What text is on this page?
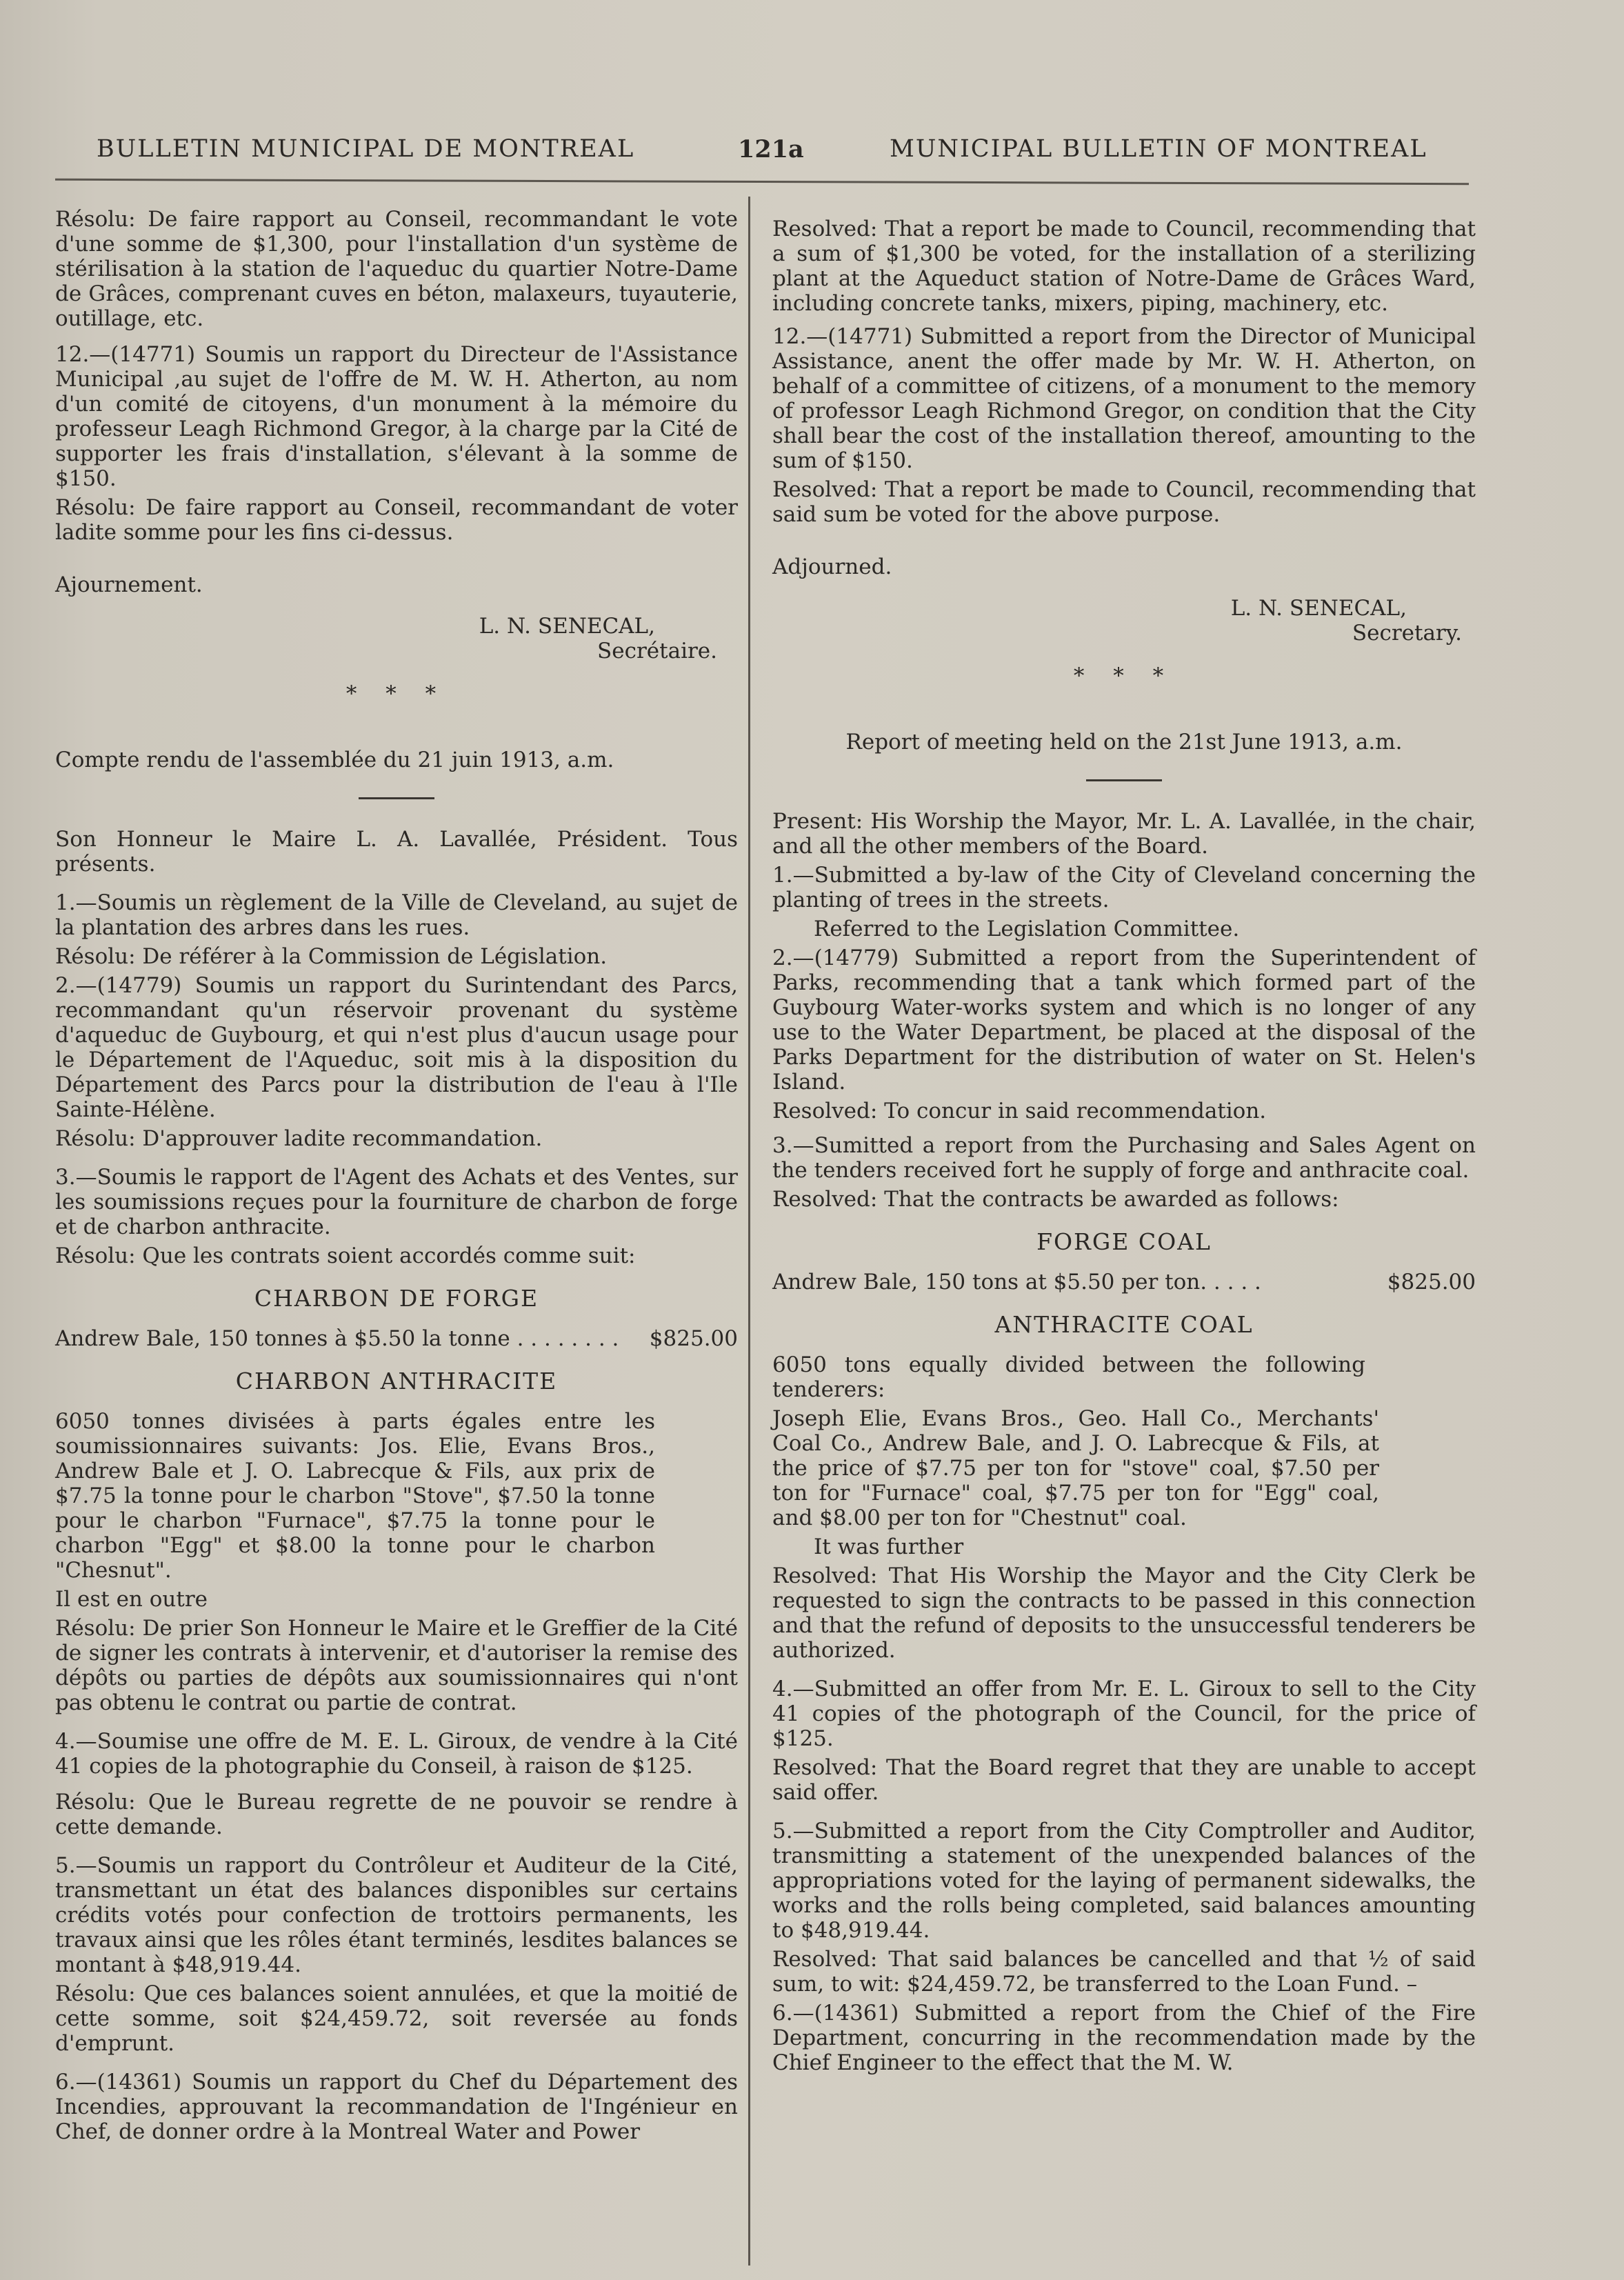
BULLETIN MUNICIPAL DE MONTREAL	121a	MUNICIPAL BULLETIN OF MONTREAL

Résolu: De faire rapport au Conseil, recommandant le vote d'une somme de $1,300, pour l'installation d'un système de stérilisation à la station de l'aqueduc du quartier Notre-Dame de Grâces, comprenant cuves en béton, malaxeurs, tuyauterie, outillage, etc.

12.—(14771) Soumis un rapport du Directeur de l'Assistance Municipal ,au sujet de l'offre de M. W. H. Atherton, au nom d'un comité de citoyens, d'un monument à la mémoire du professeur Leagh Richmond Gregor, à la charge par la Cité de supporter les frais d'installation, s'élevant à la somme de $150.

Résolu: De faire rapport au Conseil, recommandant de voter ladite somme pour les fins ci-dessus.

Ajournement.

L. N. SENECAL,

Secrétaire.

* * *

Compte rendu de l'assemblée du 21 juin 1913, a.m.

Son Honneur le Maire L. A. Lavallée, Président. Tous présents.

1.—Soumis un règlement de la Ville de Cleveland, au sujet de la plantation des arbres dans les rues.

Résolu: De référer à la Commission de Législation.

2.—(14779) Soumis un rapport du Surintendant des Parcs, recommandant qu'un réservoir provenant du système d'aqueduc de Guybourg, et qui n'est plus d'aucun usage pour le Département de l'Aqueduc, soit mis à la disposition du Département des Parcs pour la distribution de l'eau à l'Ile Sainte-Hélène.

Résolu: D'approuver ladite recommandation.

3.—Soumis le rapport de l'Agent des Achats et des Ventes, sur les soumissions reçues pour la fourniture de charbon de forge et de charbon anthracite.

Résolu: Que les contrats soient accordés comme suit:

CHARBON DE FORGE

Andrew Bale, 150 tonnes à $5.50 la tonne . . . . . . . . $825.00

CHARBON ANTHRACITE

6050 tonnes divisées à parts égales entre les soumissionnaires suivants: Jos. Elie, Evans Bros., Andrew Bale et J. O. Labrecque & Fils, aux prix de $7.75 la tonne pour le charbon "Stove", $7.50 la tonne pour le charbon "Furnace", $7.75 la tonne pour le charbon "Egg" et $8.00 la tonne pour le charbon "Chesnut".

Il est en outre

Résolu: De prier Son Honneur le Maire et le Greffier de la Cité de signer les contrats à intervenir, et d'autoriser la remise des dépôts ou parties de dépôts aux soumissionnaires qui n'ont pas obtenu le contrat ou partie de contrat.

4.—Soumise une offre de M. E. L. Giroux, de vendre à la Cité 41 copies de la photographie du Conseil, à raison de $125.

Résolu: Que le Bureau regrette de ne pouvoir se rendre à cette demande.

5.—Soumis un rapport du Contrôleur et Auditeur de la Cité, transmettant un état des balances disponibles sur certains crédits votés pour confection de trottoirs permanents, les travaux ainsi que les rôles étant terminés, lesdites balances se montant à $48,919.44.

Résolu: Que ces balances soient annulées, et que la moitié de cette somme, soit $24,459.72, soit reversée au fonds d'emprunt.

6.—(14361) Soumis un rapport du Chef du Département des Incendies, approuvant la recommandation de l'Ingénieur en Chef, de donner ordre à la Montreal Water and Power

Resolved: That a report be made to Council, recommending that a sum of $1,300 be voted, for the installation of a sterilizing plant at the Aqueduct station of Notre-Dame de Grâces Ward, including concrete tanks, mixers, piping, machinery, etc.

12.—(14771) Submitted a report from the Director of Municipal Assistance, anent the offer made by Mr. W. H. Atherton, on behalf of a committee of citizens, of a monument to the memory of professor Leagh Richmond Gregor, on condition that the City shall bear the cost of the installation thereof, amounting to the sum of $150.

Resolved: That a report be made to Council, recommending that said sum be voted for the above purpose.

Adjourned.

L. N. SENECAL,

Secretary.

* * *

Report of meeting held on the 21st June 1913, a.m.

Present: His Worship the Mayor, Mr. L. A. Lavallée, in the chair, and all the other members of the Board.

1.—Submitted a by-law of the City of Cleveland concerning the planting of trees in the streets.

Referred to the Legislation Committee.

2.—(14779) Submitted a report from the Superintendent of Parks, recommending that a tank which formed part of the Guybourg Water-works system and which is no longer of any use to the Water Department, be placed at the disposal of the Parks Department for the distribution of water on St. Helen's Island.

Resolved: To concur in said recommendation.

3.—Sumitted a report from the Purchasing and Sales Agent on the tenders received fort he supply of forge and anthracite coal.

Resolved: That the contracts be awarded as follows:

FORGE COAL

Andrew Bale, 150 tons at $5.50 per ton. . . . .	$825.00

ANTHRACITE COAL

6050 tons equally divided between the following tenderers:

Joseph Elie, Evans Bros., Geo. Hall Co., Merchants' Coal Co., Andrew Bale, and J. O. Labrecque & Fils, at the price of $7.75 per ton for "stove" coal, $7.50 per ton for "Furnace" coal, $7.75 per ton for "Egg" coal, and $8.00 per ton for "Chestnut" coal.

It was further

Resolved: That His Worship the Mayor and the City Clerk be requested to sign the contracts to be passed in this connection and that the refund of deposits to the unsuccessful tenderers be authorized.

4.—Submitted an offer from Mr. E. L. Giroux to sell to the City 41 copies of the photograph of the Council, for the price of $125.

Resolved: That the Board regret that they are unable to accept said offer.

5.—Submitted a report from the City Comptroller and Auditor, transmitting a statement of the unexpended balances of the appropriations voted for the laying of permanent sidewalks, the works and the rolls being completed, said balances amounting to $48,919.44.

Resolved: That said balances be cancelled and that ½ of said sum, to wit: $24,459.72, be transferred to the Loan Fund. –

6.—(14361) Submitted a report from the Chief of the Fire Department, concurring in the recommendation made by the Chief Engineer to the effect that the M. W.
